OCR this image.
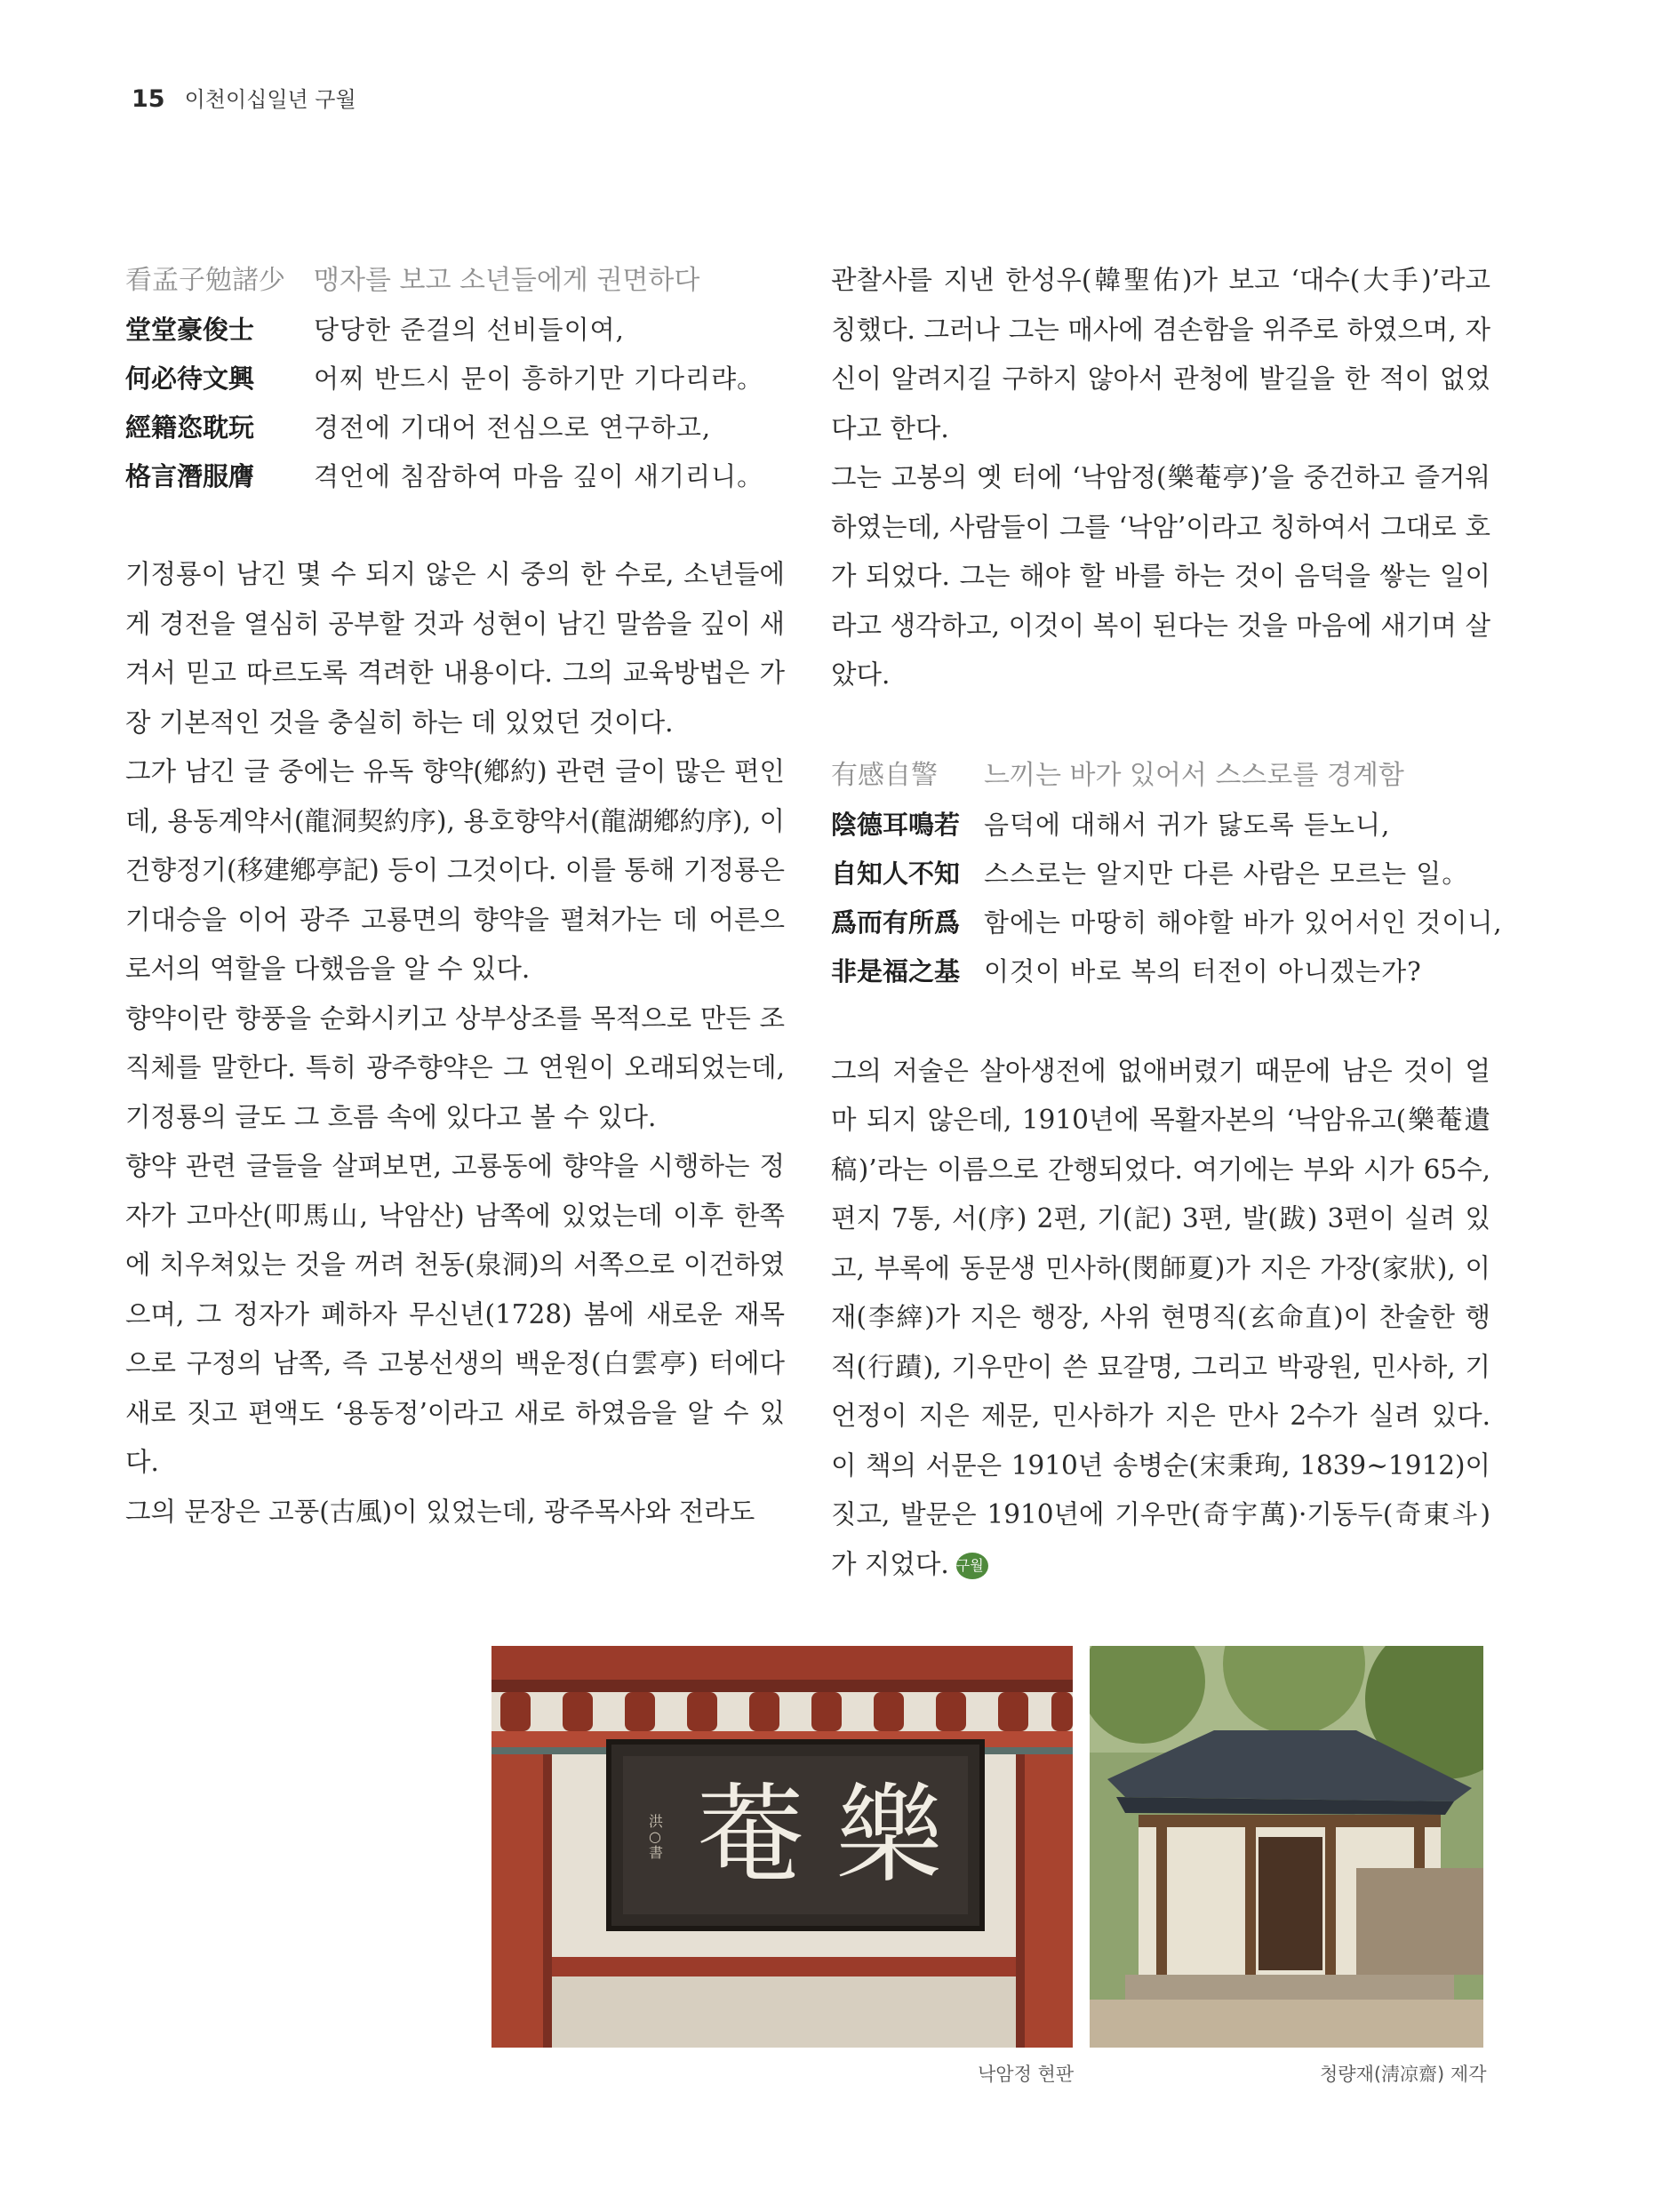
15 이천이십일년 구월
看孟子勉諸少	맹자를 보고 소년들에게 권면하다
堂堂豪俊士	당당한 준걸의 선비들이여,
何必待文興	어찌 반드시 문이 흥하기만 기다리랴。
經籍恣耽玩	경전에 기대어 전심으로 연구하고,
格言潛服膺	격언에 침잠하여 마음 깊이 새기리니。

기정룡이 남긴 몇 수 되지 않은 시 중의 한 수로, 소년들에게 경전을 열심히 공부할 것과 성현이 남긴 말씀을 깊이 새겨서 믿고 따르도록 격려한 내용이다. 그의 교육방법은 가장 기본적인 것을 충실히 하는 데 있었던 것이다.

그가 남긴 글 중에는 유독 향약(鄕約) 관련 글이 많은 편인데, 용동계약서(龍洞契約序), 용호향약서(龍湖鄕約序), 이건향정기(移建鄕亭記) 등이 그것이다. 이를 통해 기정룡은 기대승을 이어 광주 고룡면의 향약을 펼쳐가는 데 어른으로서의 역할을 다했음을 알 수 있다.

향약이란 향풍을 순화시키고 상부상조를 목적으로 만든 조직체를 말한다. 특히 광주향약은 그 연원이 오래되었는데, 기정룡의 글도 그 흐름 속에 있다고 볼 수 있다.

향약 관련 글들을 살펴보면, 고룡동에 향약을 시행하는 정자가 고마산(叩馬山, 낙암산) 남쪽에 있었는데 이후 한쪽에 치우쳐있는 것을 꺼려 천동(泉洞)의 서쪽으로 이건하였으며, 그 정자가 폐하자 무신년(1728) 봄에 새로운 재목으로 구정의 남쪽, 즉 고봉선생의 백운정(白雲亭) 터에다 새로 짓고 편액도 ‘용동정’이라고 새로 하였음을 알 수 있다.

그의 문장은 고풍(古風)이 있었는데, 광주목사와 전라도

관찰사를 지낸 한성우(韓聖佑)가 보고 ‘대수(大手)’라고 칭했다. 그러나 그는 매사에 겸손함을 위주로 하였으며, 자신이 알려지길 구하지 않아서 관청에 발길을 한 적이 없었다고 한다.

그는 고봉의 옛 터에 ‘낙암정(樂菴亭)’을 중건하고 즐거워하였는데, 사람들이 그를 ‘낙암’이라고 칭하여서 그대로 호가 되었다. 그는 해야 할 바를 하는 것이 음덕을 쌓는 일이라고 생각하고, 이것이 복이 된다는 것을 마음에 새기며 살았다.

有感自警	느끼는 바가 있어서 스스로를 경계함
陰德耳鳴若 음덕에 대해서 귀가 닳도록 듣노니,
自知人不知 스스로는 알지만 다른 사람은 모르는 일。
爲而有所爲 함에는 마땅히 해야할 바가 있어서인 것이니,
非是福之基 이것이 바로 복의 터전이 아니겠는가?

그의 저술은 살아생전에 없애버렸기 때문에 남은 것이 얼마 되지 않은데, 1910년에 목활자본의 ‘낙암유고(樂菴遺稿)’라는 이름으로 간행되었다. 여기에는 부와 시가 65수, 편지 7통, 서(序) 2편, 기(記) 3편, 발(跋) 3편이 실려 있고, 부록에 동문생 민사하(閔師夏)가 지은 가장(家狀), 이재(李縡)가 지은 행장, 사위 현명직(玄命直)이 찬술한 행적(行蹟), 기우만이 쓴 묘갈명, 그리고 박광원, 민사하, 기언정이 지은 제문, 민사하가 지은 만사 2수가 실려 있다. 이 책의 서문은 1910년 송병순(宋秉珣, 1839~1912)이 짓고, 발문은 1910년에 기우만(奇宇萬)·기동두(奇東斗)가 지었다. 구월

洪○書 菴 樂
낙암정 현판	청량재(淸凉齋) 제각
